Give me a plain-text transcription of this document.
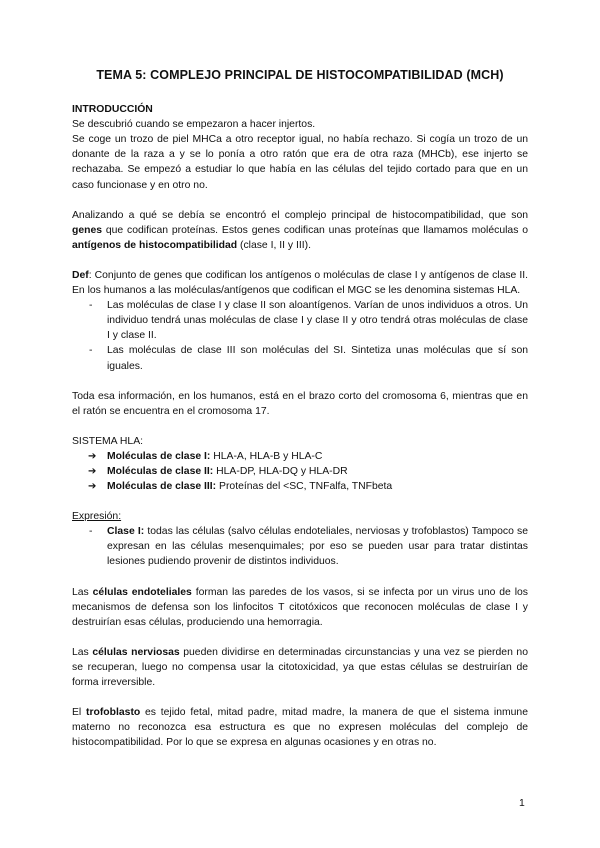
TEMA 5: COMPLEJO PRINCIPAL DE HISTOCOMPATIBILIDAD (MCH)

INTRODUCCIÓN

Se descubrió cuando se empezaron a hacer injertos.

Se coge un trozo de piel MHCa a otro receptor igual, no había rechazo. Si cogía un trozo de un donante de la raza a y se lo ponía a otro ratón que era de otra raza (MHCb), ese injerto se rechazaba. Se empezó a estudiar lo que había en las células del tejido cortado para que en un caso funcionase y en otro no.

Analizando a qué se debía se encontró el complejo principal de histocompatibilidad, que son genes que codifican proteínas. Estos genes codifican unas proteínas que llamamos moléculas o antígenos de histocompatibilidad (clase I, II y III).

Def: Conjunto de genes que codifican los antígenos o moléculas de clase I y antígenos de clase II. En los humanos a las moléculas/antígenos que codifican el MGC se les denomina sistemas HLA.

- Las moléculas de clase I y clase II son aloantígenos. Varían de unos individuos a otros. Un individuo tendrá unas moléculas de clase I y clase II y otro tendrá otras moléculas de clase I y clase II.
- Las moléculas de clase III son moléculas del SI. Sintetiza unas moléculas que sí son iguales.

Toda esa información, en los humanos, está en el brazo corto del cromosoma 6, mientras que en el ratón se encuentra en el cromosoma 17.

SISTEMA HLA:

➔ Moléculas de clase I: HLA-A, HLA-B y HLA-C
➔ Moléculas de clase II: HLA-DP, HLA-DQ y HLA-DR
➔ Moléculas de clase III: Proteínas del <SC, TNFalfa, TNFbeta

Expresión:

- Clase I: todas las células (salvo células endoteliales, nerviosas y trofoblastos) Tampoco se expresan en las células mesenquimales; por eso se pueden usar para tratar distintas lesiones pudiendo provenir de distintos individuos.

Las células endoteliales forman las paredes de los vasos, si se infecta por un virus uno de los mecanismos de defensa son los linfocitos T citotóxicos que reconocen moléculas de clase I y destruirían esas células, produciendo una hemorragia.

Las células nerviosas pueden dividirse en determinadas circunstancias y una vez se pierden no se recuperan, luego no compensa usar la citotoxicidad, ya que estas células se destruirían de forma irreversible.

El trofoblasto es tejido fetal, mitad padre, mitad madre, la manera de que el sistema inmune materno no reconozca esa estructura es que no expresen moléculas del complejo de histocompatibilidad. Por lo que se expresa en algunas ocasiones y en otras no.

1
